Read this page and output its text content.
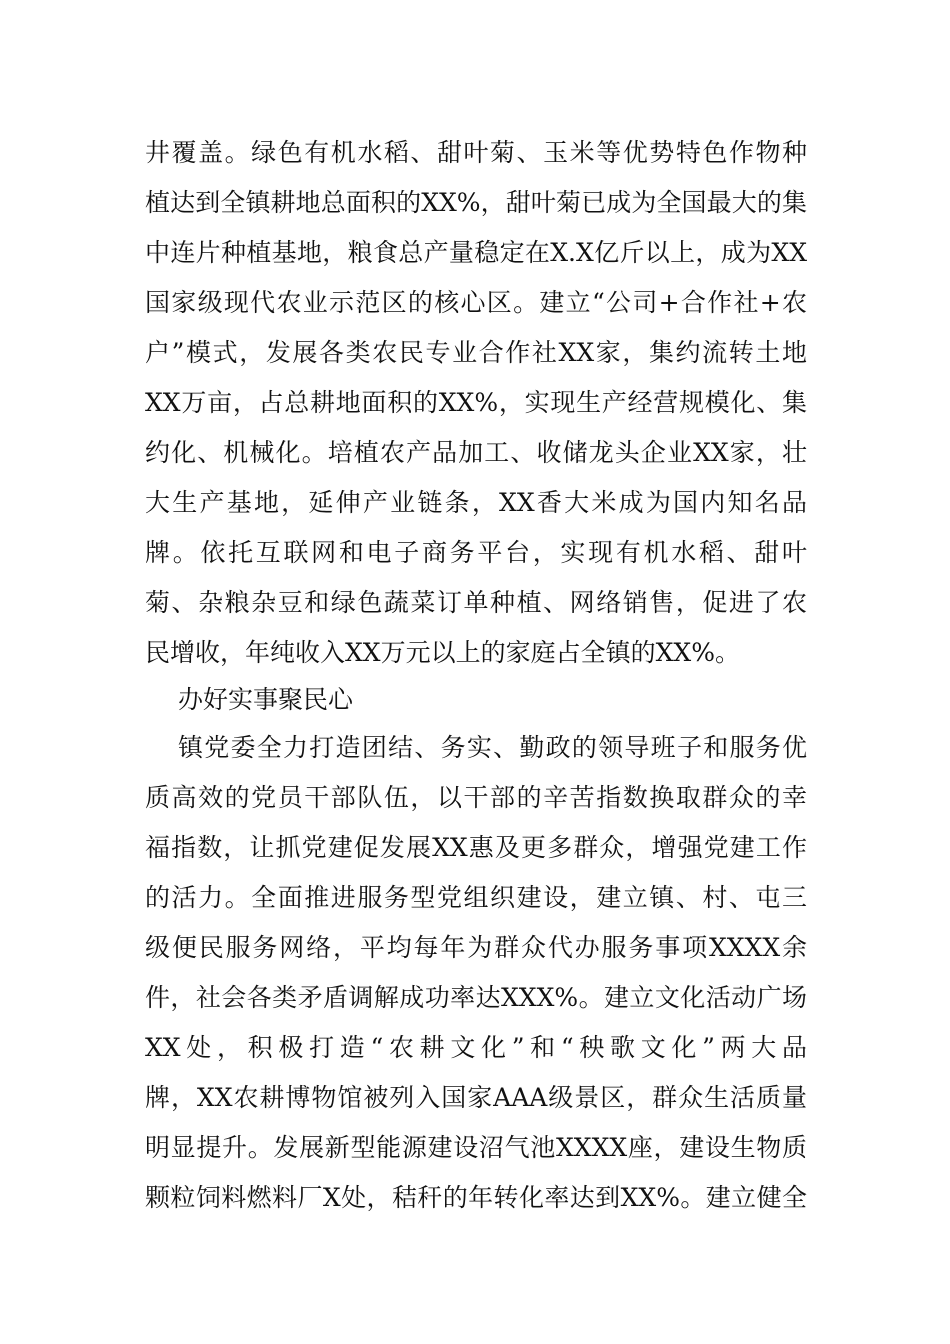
井覆盖。绿色有机水稻、甜叶菊、玉米等优势特色作物种
植达到全镇耕地总面积的XX%，甜叶菊已成为全国最大的集
中连片种植基地，粮食总产量稳定在X.X亿斤以上，成为XX
国家级现代农业示范区的核心区。建立“公司+合作社+农
户”模式，发展各类农民专业合作社XX家，集约流转土地
XX万亩，占总耕地面积的XX%，实现生产经营规模化、集
约化、机械化。培植农产品加工、收储龙头企业XX家，壮
大生产基地，延伸产业链条，XX香大米成为国内知名品
牌。依托互联网和电子商务平台，实现有机水稻、甜叶
菊、杂粮杂豆和绿色蔬菜订单种植、网络销售，促进了农
民增收，年纯收入XX万元以上的家庭占全镇的XX%。
办好实事聚民心
镇党委全力打造团结、务实、勤政的领导班子和服务优
质高效的党员干部队伍，以干部的辛苦指数换取群众的幸
福指数，让抓党建促发展XX惠及更多群众，增强党建工作
的活力。全面推进服务型党组织建设，建立镇、村、屯三
级便民服务网络，平均每年为群众代办服务事项XXXX余
件，社会各类矛盾调解成功率达XXX%。建立文化活动广场
XX处，积极打造“农耕文化”和“秧歌文化”两大品
牌，XX农耕博物馆被列入国家AAA级景区，群众生活质量
明显提升。发展新型能源建设沼气池XXXX座，建设生物质
颗粒饲料燃料厂X处，秸秆的年转化率达到XX%。建立健全
